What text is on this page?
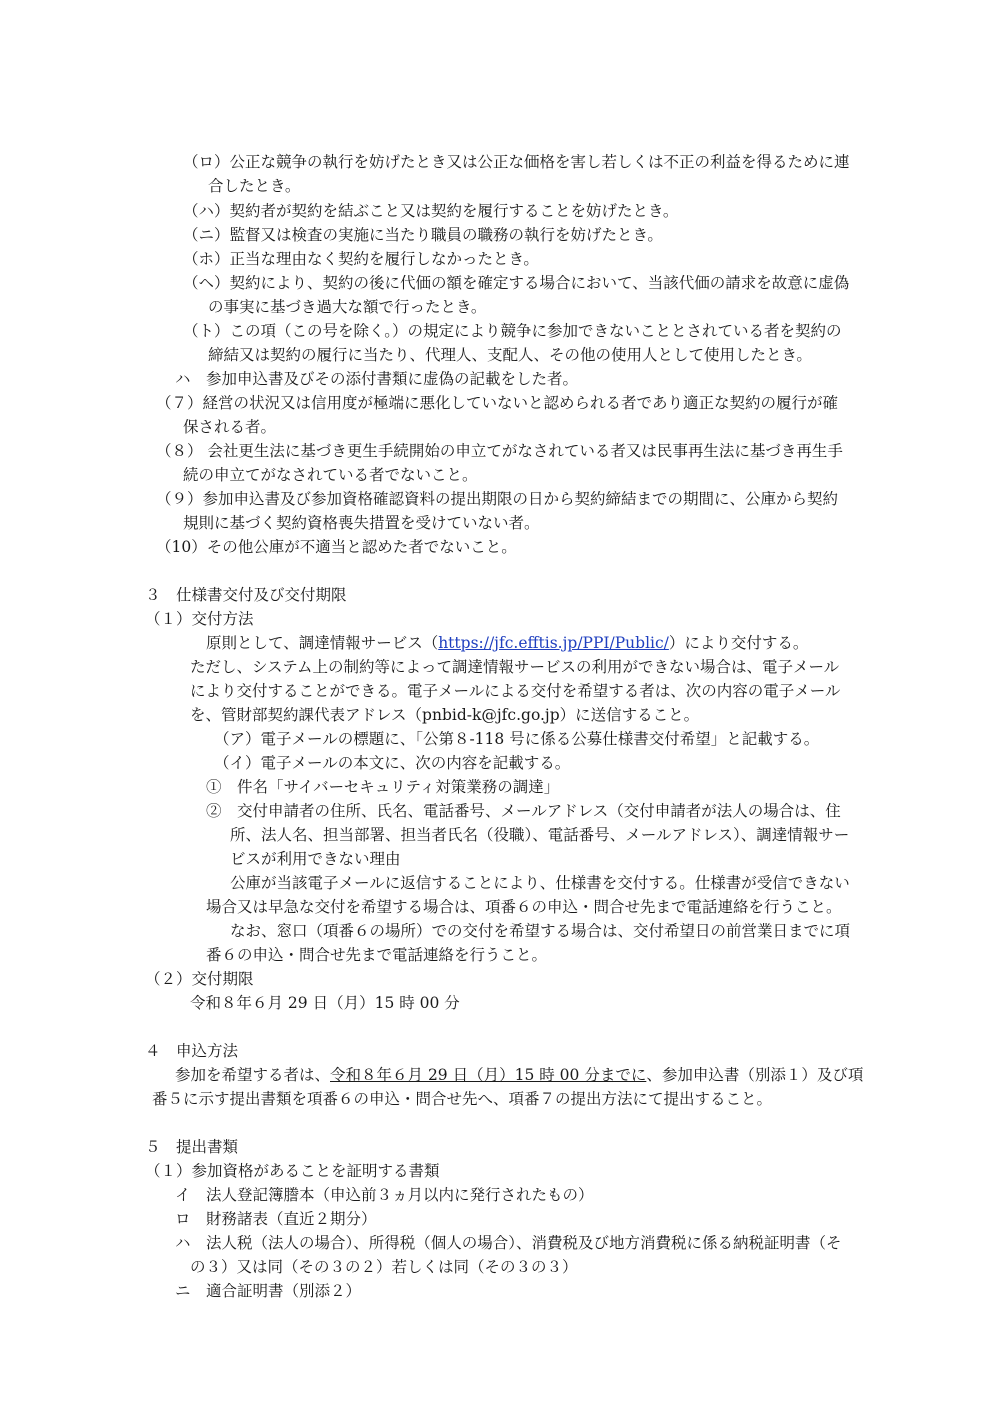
（ロ）公正な競争の執行を妨げたとき又は公正な価格を害し若しくは不正の利益を得るために連
合したとき。
（ハ）契約者が契約を結ぶこと又は契約を履行することを妨げたとき。
（ニ）監督又は検査の実施に当たり職員の職務の執行を妨げたとき。
（ホ）正当な理由なく契約を履行しなかったとき。
（ヘ）契約により、契約の後に代価の額を確定する場合において、当該代価の請求を故意に虚偽
の事実に基づき過大な額で行ったとき。
（ト）この項（この号を除く。）の規定により競争に参加できないこととされている者を契約の
締結又は契約の履行に当たり、代理人、支配人、その他の使用人として使用したとき。
ハ　参加申込書及びその添付書類に虚偽の記載をした者。
（７）経営の状況又は信用度が極端に悪化していないと認められる者であり適正な契約の履行が確
保される者。
（８） 会社更生法に基づき更生手続開始の申立てがなされている者又は民事再生法に基づき再生手
続の申立てがなされている者でないこと。
（９）参加申込書及び参加資格確認資料の提出期限の日から契約締結までの期間に、公庫から契約
規則に基づく契約資格喪失措置を受けていない者。
（10）その他公庫が不適当と認めた者でないこと。
３　仕様書交付及び交付期限
（１）交付方法
原則として、調達情報サービス（https://jfc.efftis.jp/PPI/Public/）により交付する。
ただし、システム上の制約等によって調達情報サービスの利用ができない場合は、電子メール
により交付することができる。電子メールによる交付を希望する者は、次の内容の電子メール
を、管財部契約課代表アドレス（pnbid-k@jfc.go.jp）に送信すること。
（ア）電子メールの標題に、「公第８-118 号に係る公募仕様書交付希望」と記載する。
（イ）電子メールの本文に、次の内容を記載する。
①　件名「サイバーセキュリティ対策業務の調達」
②　交付申請者の住所、氏名、電話番号、メールアドレス（交付申請者が法人の場合は、住
所、法人名、担当部署、担当者氏名（役職）、電話番号、メールアドレス）、調達情報サー
ビスが利用できない理由
公庫が当該電子メールに返信することにより、仕様書を交付する。仕様書が受信できない
場合又は早急な交付を希望する場合は、項番６の申込・問合せ先まで電話連絡を行うこと。
なお、窓口（項番６の場所）での交付を希望する場合は、交付希望日の前営業日までに項
番６の申込・問合せ先まで電話連絡を行うこと。
（２）交付期限
令和８年６月 29 日（月）15 時 00 分
４　申込方法
参加を希望する者は、令和８年６月 29 日（月）15 時 00 分までに、参加申込書（別添１）及び項
番５に示す提出書類を項番６の申込・問合せ先へ、項番７の提出方法にて提出すること。
５　提出書類
（１）参加資格があることを証明する書類
イ　法人登記簿謄本（申込前３ヵ月以内に発行されたもの）
ロ　財務諸表（直近２期分）
ハ　法人税（法人の場合）、所得税（個人の場合）、消費税及び地方消費税に係る納税証明書（そ
の３）又は同（その３の２）若しくは同（その３の３）
ニ　適合証明書（別添２）
